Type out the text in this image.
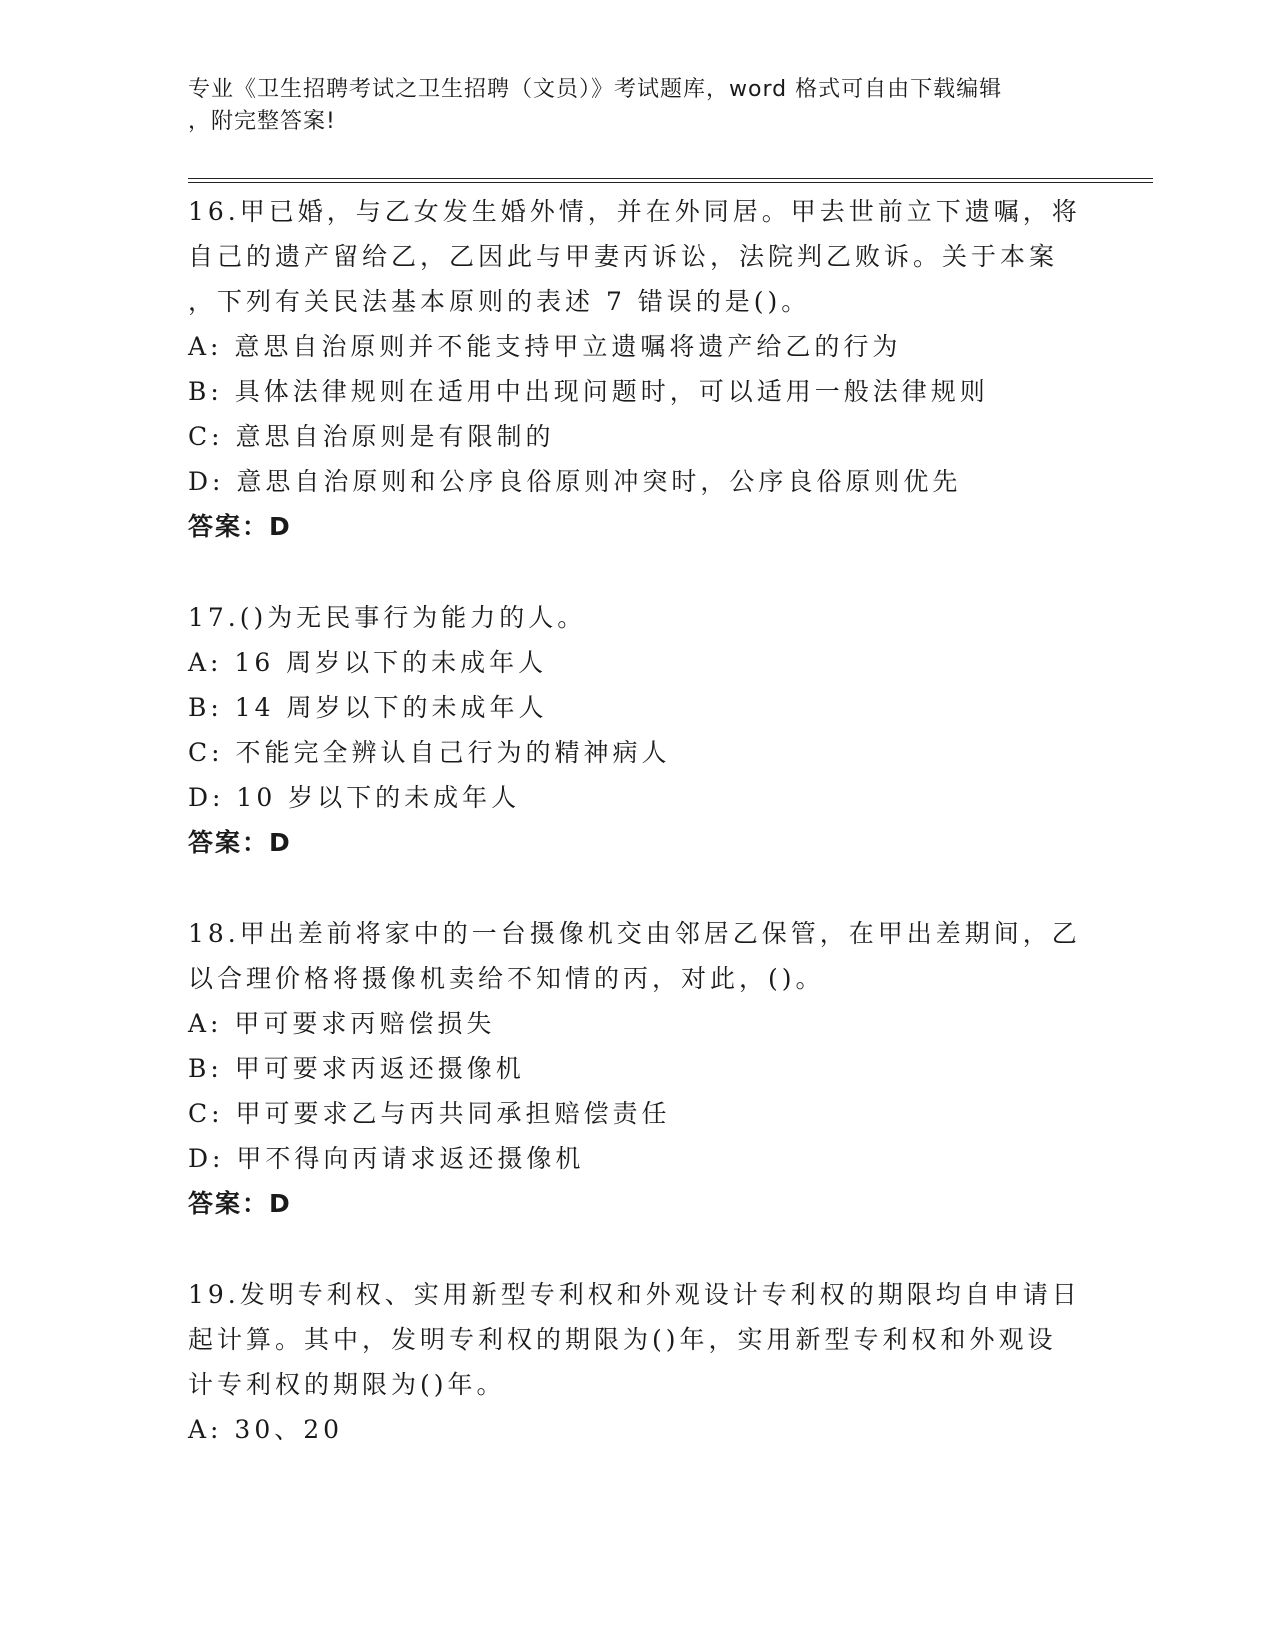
专业《卫生招聘考试之卫生招聘（文员）》考试题库，word 格式可自由下载编辑
，附完整答案!
16.甲已婚，与乙女发生婚外情，并在外同居。甲去世前立下遗嘱，将
自己的遗产留给乙，乙因此与甲妻丙诉讼，法院判乙败诉。关于本案
，下列有关民法基本原则的表述 7 错误的是()。
A: 意思自治原则并不能支持甲立遗嘱将遗产给乙的行为
B: 具体法律规则在适用中出现问题时，可以适用一般法律规则
C: 意思自治原则是有限制的
D: 意思自治原则和公序良俗原则冲突时，公序良俗原则优先
答案：D
17.()为无民事行为能力的人。
A: 16 周岁以下的未成年人
B: 14 周岁以下的未成年人
C: 不能完全辨认自己行为的精神病人
D: 10 岁以下的未成年人
答案：D
18.甲出差前将家中的一台摄像机交由邻居乙保管，在甲出差期间，乙
以合理价格将摄像机卖给不知情的丙，对此，()。
A: 甲可要求丙赔偿损失
B: 甲可要求丙返还摄像机
C: 甲可要求乙与丙共同承担赔偿责任
D: 甲不得向丙请求返还摄像机
答案：D
19.发明专利权、实用新型专利权和外观设计专利权的期限均自申请日
起计算。其中，发明专利权的期限为()年，实用新型专利权和外观设
计专利权的期限为()年。
A: 30、20
